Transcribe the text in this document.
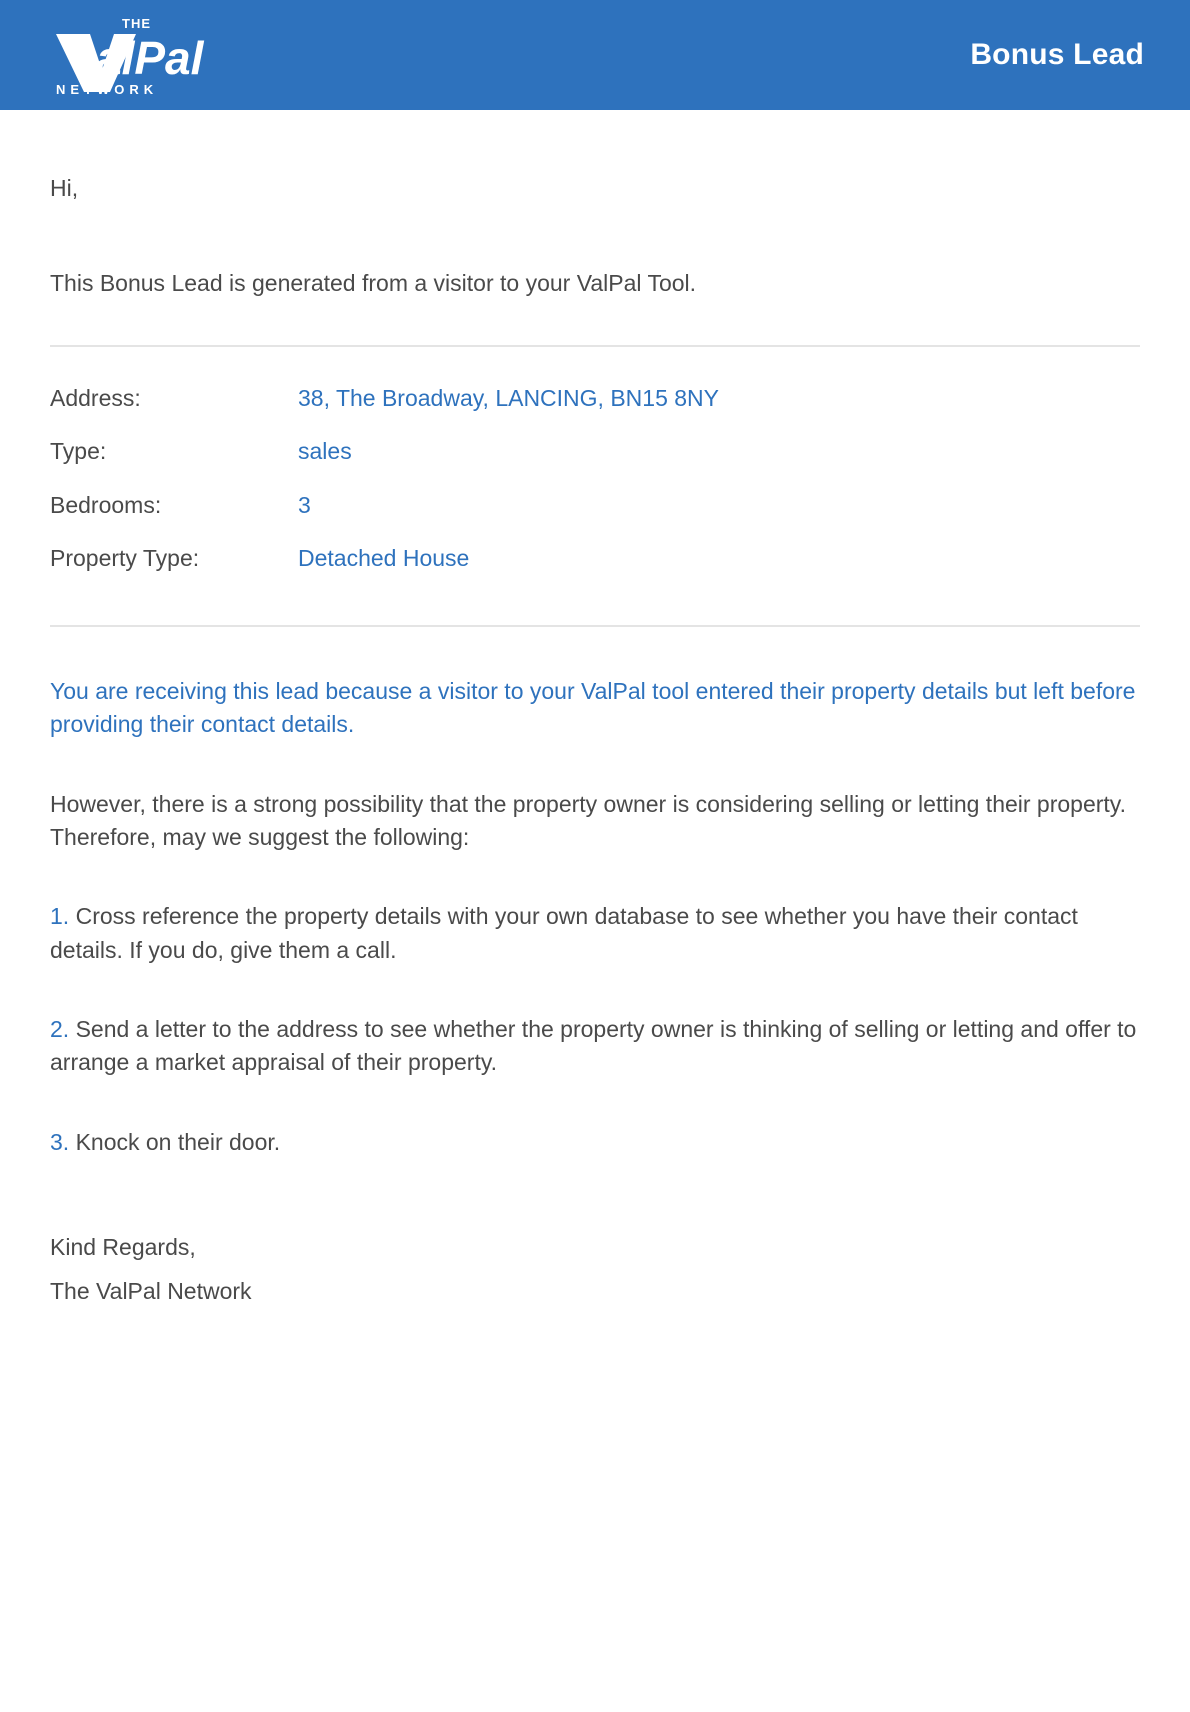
THE
alPal
NETWORK
Bonus Lead
Hi,
This Bonus Lead is generated from a visitor to your ValPal Tool.
Address:	38, The Broadway, LANCING, BN15 8NY
Type:	sales
Bedrooms:	3
Property Type:	Detached House
You are receiving this lead because a visitor to your ValPal tool entered their property details but left before providing their contact details.
However, there is a strong possibility that the property owner is considering selling or letting their property. Therefore, may we suggest the following:
1. Cross reference the property details with your own database to see whether you have their contact details. If you do, give them a call.
2. Send a letter to the address to see whether the property owner is thinking of selling or letting and offer to arrange a market appraisal of their property.
3. Knock on their door.
Kind Regards,
The ValPal Network
